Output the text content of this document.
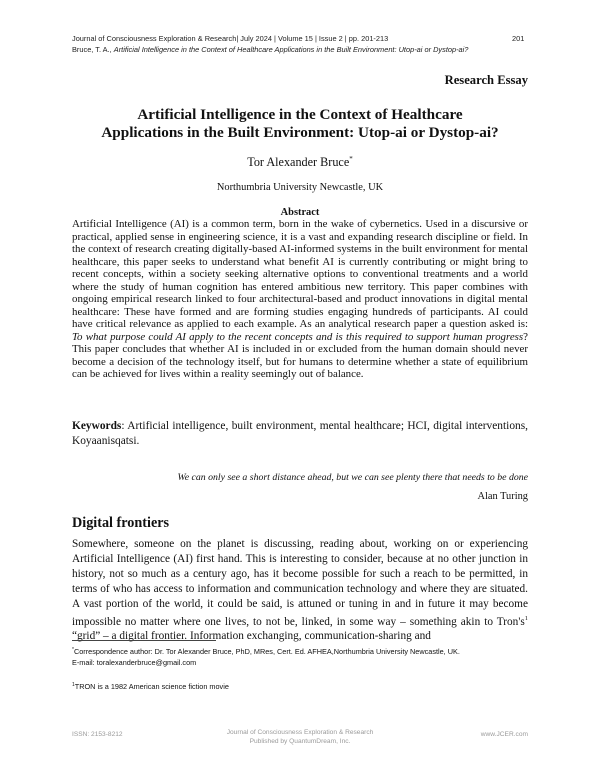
Journal of Consciousness Exploration & Research| July 2024 | Volume 15 | Issue 2 | pp. 201-213	201
Bruce, T. A., Artificial Intelligence in the Context of Healthcare Applications in the Built Environment: Utop-ai or Dystop-ai?
Research Essay
Artificial Intelligence in the Context of Healthcare
Applications in the Built Environment: Utop-ai or Dystop-ai?
Tor Alexander Bruce*
Northumbria University Newcastle, UK
Abstract
Artificial Intelligence (AI) is a common term, born in the wake of cybernetics. Used in a discursive or practical, applied sense in engineering science, it is a vast and expanding research discipline or field. In the context of research creating digitally-based AI-informed systems in the built environment for mental healthcare, this paper seeks to understand what benefit AI is currently contributing or might bring to recent concepts, within a society seeking alternative options to conventional treatments and a world where the study of human cognition has entered ambitious new territory. This paper combines with ongoing empirical research linked to four architectural-based and product innovations in digital mental healthcare: These have formed and are forming studies engaging hundreds of participants. AI could have critical relevance as applied to each example. As an analytical research paper a question asked is: To what purpose could AI apply to the recent concepts and is this required to support human progress? This paper concludes that whether AI is included in or excluded from the human domain should never become a decision of the technology itself, but for humans to determine whether a state of equilibrium can be achieved for lives within a reality seemingly out of balance.
Keywords: Artificial intelligence, built environment, mental healthcare; HCI, digital interventions, Koyaanisqatsi.
We can only see a short distance ahead, but we can see plenty there that needs to be done
Alan Turing
Digital frontiers
Somewhere, someone on the planet is discussing, reading about, working on or experiencing Artificial Intelligence (AI) first hand. This is interesting to consider, because at no other junction in history, not so much as a century ago, has it become possible for such a reach to be permitted, in terms of who has access to information and communication technology and where they are situated. A vast portion of the world, it could be said, is attuned or tuning in and in future it may become impossible no matter where one lives, to not be, linked, in some way – something akin to $Tron's^1$ “grid” – a digital frontier. Information exchanging, communication-sharing and
*Correspondence author: Dr. Tor Alexander Bruce, PhD, MRes, Cert. Ed. AFHEA,Northumbria University Newcastle, UK.
E-mail: toralexanderbruce@gmail.com
$^1$TRON is a 1982 American science fiction movie
ISSN: 2153-8212	Journal of Consciousness Exploration & Research
Published by QuantumDream, Inc.
www.JCER.com
